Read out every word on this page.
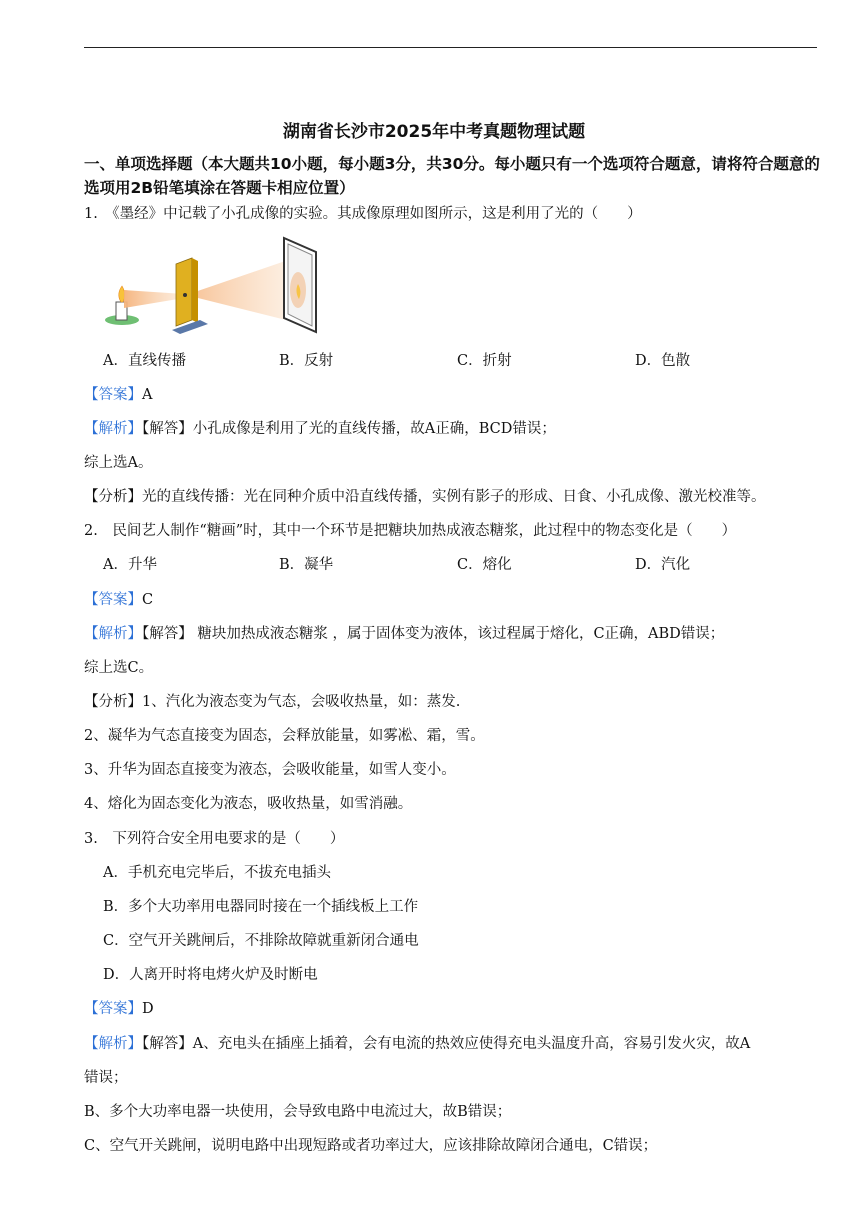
湖南省长沙市2025年中考真题物理试题
一、单项选择题（本大题共10小题，每小题3分，共30分。每小题只有一个选项符合题意，请将符合题意的选项用2B铅笔填涂在答题卡相应位置）
1.　《墨经》中记载了小孔成像的实验。其成像原理如图所示，这是利用了光的（　　）
A．直线传播	B．反射	C．折射	D．色散
【答案】A
【解析】【解答】小孔成像是利用了光的直线传播，故A正确，BCD错误；
综上选A。
【分析】光的直线传播：光在同种介质中沿直线传播，实例有影子的形成、日食、小孔成像、激光校准等。
2.　民间艺人制作“糖画”时，其中一个环节是把糖块加热成液态糖浆，此过程中的物态变化是（　　）
A．升华	B．凝华	C．熔化	D．汽化
【答案】C
【解析】【解答】 糖块加热成液态糖浆 ，属于固体变为液体，该过程属于熔化，C正确，ABD错误；
综上选C。
【分析】1、汽化为液态变为气态，会吸收热量，如：蒸发.
2、凝华为气态直接变为固态，会释放能量，如雾凇、霜，雪。
3、升华为固态直接变为液态，会吸收能量，如雪人变小。
4、熔化为固态变化为液态，吸收热量，如雪消融。
3.　下列符合安全用电要求的是（　　）
A．手机充电完毕后，不拔充电插头
B．多个大功率用电器同时接在一个插线板上工作
C．空气开关跳闸后，不排除故障就重新闭合通电
D．人离开时将电烤火炉及时断电
【答案】D
【解析】【解答】A、充电头在插座上插着，会有电流的热效应使得充电头温度升高，容易引发火灾，故A
错误；
B、多个大功率电器一块使用，会导致电路中电流过大，故B错误；
C、空气开关跳闸，说明电路中出现短路或者功率过大，应该排除故障闭合通电，C错误；
